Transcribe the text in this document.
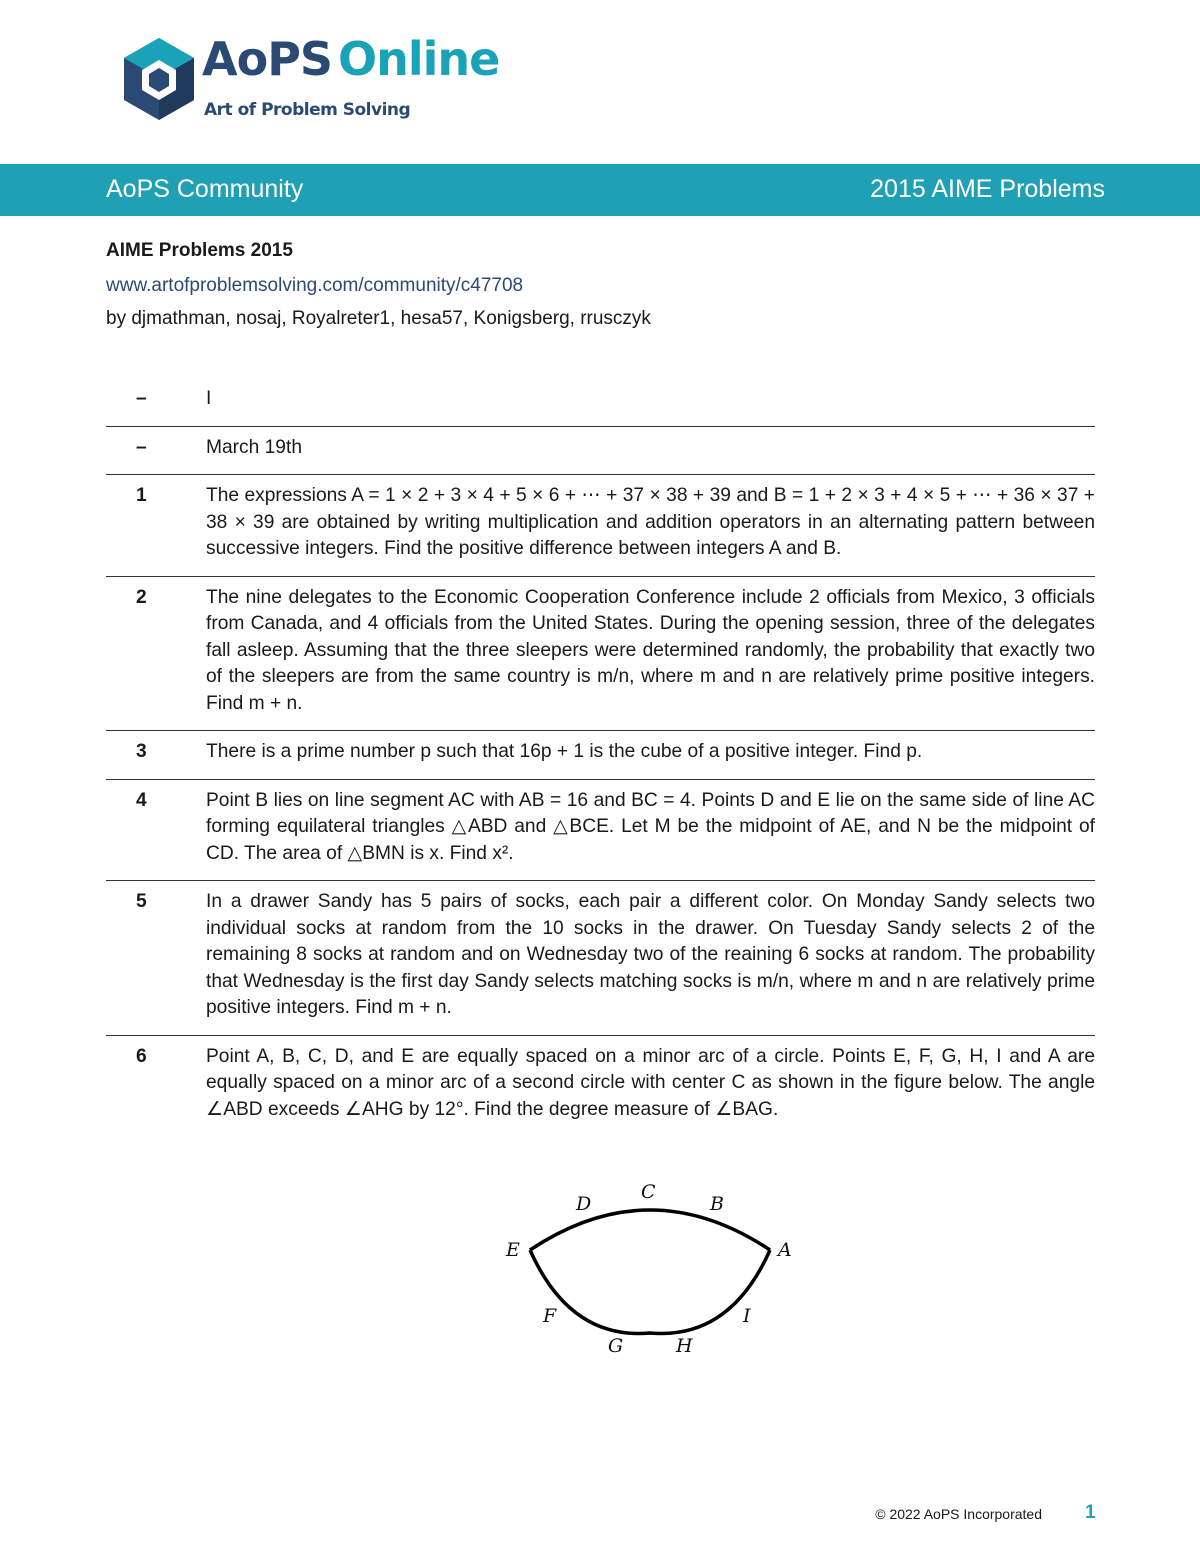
AoPS Online
Art of Problem Solving
AoPS Community	2015 AIME Problems
AIME Problems 2015
www.artofproblemsolving.com/community/c47708
by djmathman, nosaj, Royalreter1, hesa57, Konigsberg, rrusczyk
–	I
–	March 19th
1	The expressions A = 1 × 2 + 3 × 4 + 5 × 6 + ⋯ + 37 × 38 + 39 and B = 1 + 2 × 3 + 4 × 5 + ⋯ + 36 × 37 + 38 × 39 are obtained by writing multiplication and addition operators in an alternating pattern between successive integers. Find the positive difference between integers A and B.
2	The nine delegates to the Economic Cooperation Conference include 2 officials from Mexico, 3 officials from Canada, and 4 officials from the United States. During the opening session, three of the delegates fall asleep. Assuming that the three sleepers were determined randomly, the probability that exactly two of the sleepers are from the same country is m/n, where m and n are relatively prime positive integers. Find m + n.
3	There is a prime number p such that 16p + 1 is the cube of a positive integer. Find p.
4	Point B lies on line segment AC with AB = 16 and BC = 4. Points D and E lie on the same side of line AC forming equilateral triangles △ABD and △BCE. Let M be the midpoint of AE, and N be the midpoint of CD. The area of △BMN is x. Find x².
5	In a drawer Sandy has 5 pairs of socks, each pair a different color. On Monday Sandy selects two individual socks at random from the 10 socks in the drawer. On Tuesday Sandy selects 2 of the remaining 8 socks at random and on Wednesday two of the reaining 6 socks at random. The probability that Wednesday is the first day Sandy selects matching socks is m/n, where m and n are relatively prime positive integers. Find m + n.
6	Point A, B, C, D, and E are equally spaced on a minor arc of a circle. Points E, F, G, H, I and A are equally spaced on a minor arc of a second circle with center C as shown in the figure below. The angle ∠ABD exceeds ∠AHG by 12°. Find the degree measure of ∠BAG.
A
B
C
D
E
F
G	H
I
© 2022 AoPS Incorporated 1
